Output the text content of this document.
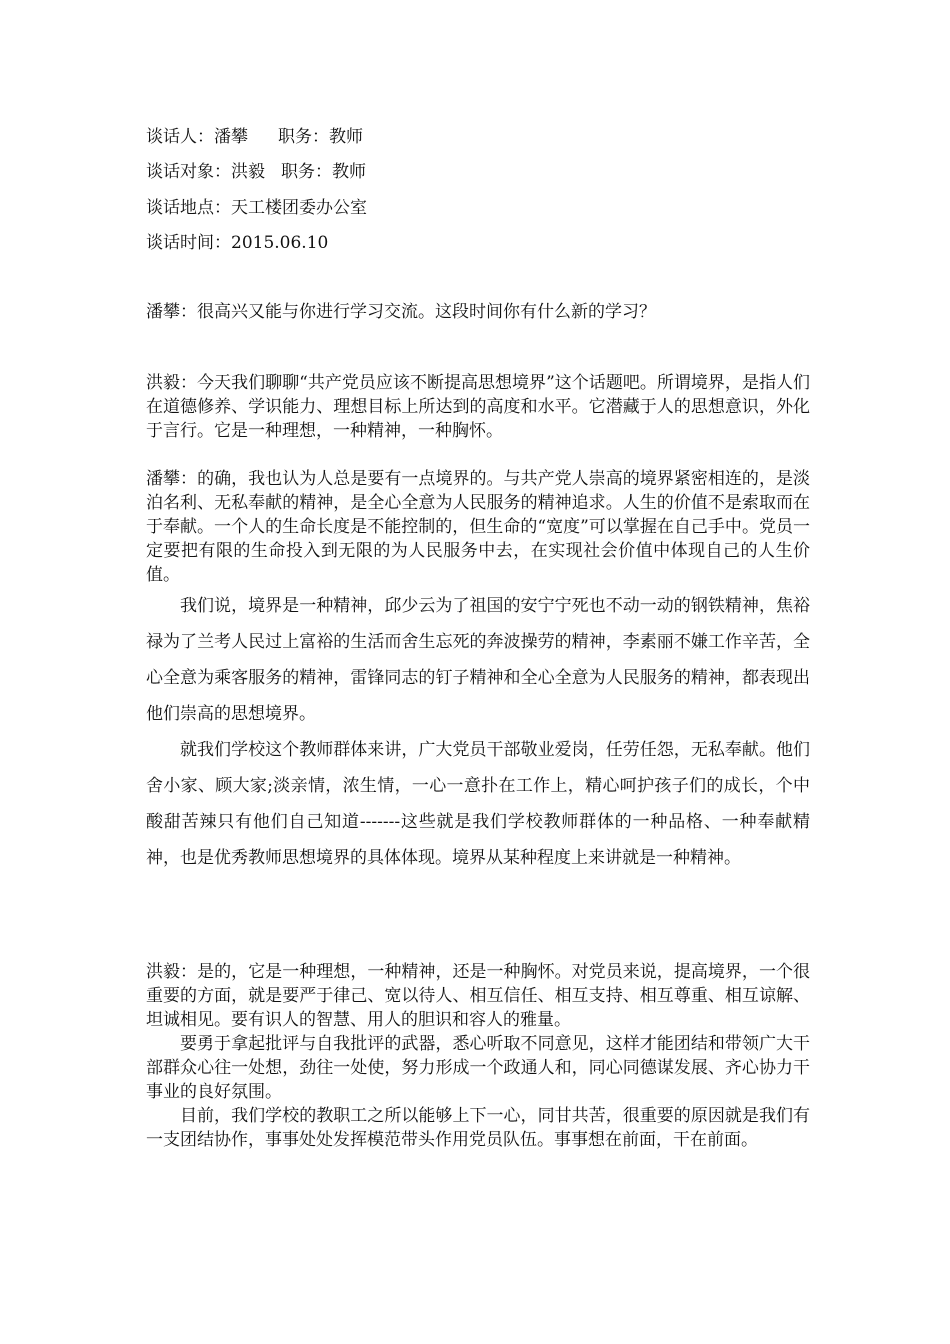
谈话人：潘攀 职务：教师
谈话对象：洪毅 职务：教师
谈话地点：天工楼团委办公室
谈话时间：2015.06.10

潘攀：很高兴又能与你进行学习交流。这段时间你有什么新的学习？

洪毅：今天我们聊聊“共产党员应该不断提高思想境界”这个话题吧。所谓境界，是指人们在道德修养、学识能力、理想目标上所达到的高度和水平。它潜藏于人的思想意识，外化于言行。它是一种理想，一种精神，一种胸怀。

潘攀：的确，我也认为人总是要有一点境界的。与共产党人崇高的境界紧密相连的，是淡泊名利、无私奉献的精神，是全心全意为人民服务的精神追求。人生的价值不是索取而在于奉献。一个人的生命长度是不能控制的，但生命的“宽度”可以掌握在自己手中。党员一定要把有限的生命投入到无限的为人民服务中去，在实现社会价值中体现自己的人生价值。

我们说，境界是一种精神，邱少云为了祖国的安宁宁死也不动一动的钢铁精神，焦裕禄为了兰考人民过上富裕的生活而舍生忘死的奔波操劳的精神，李素丽不嫌工作辛苦，全心全意为乘客服务的精神，雷锋同志的钉子精神和全心全意为人民服务的精神，都表现出他们崇高的思想境界。

就我们学校这个教师群体来讲，广大党员干部敬业爱岗，任劳任怨，无私奉献。他们舍小家、顾大家;淡亲情，浓生情，一心一意扑在工作上，精心呵护孩子们的成长，个中酸甜苦辣只有他们自己知道-------这些就是我们学校教师群体的一种品格、一种奉献精神，也是优秀教师思想境界的具体体现。境界从某种程度上来讲就是一种精神。

洪毅：是的，它是一种理想，一种精神，还是一种胸怀。对党员来说，提高境界，一个很重要的方面，就是要严于律己、宽以待人、相互信任、相互支持、相互尊重、相互谅解、坦诚相见。要有识人的智慧、用人的胆识和容人的雅量。

要勇于拿起批评与自我批评的武器，悉心听取不同意见，这样才能团结和带领广大干部群众心往一处想，劲往一处使，努力形成一个政通人和，同心同德谋发展、齐心协力干事业的良好氛围。

目前，我们学校的教职工之所以能够上下一心，同甘共苦，很重要的原因就是我们有一支团结协作，事事处处发挥模范带头作用党员队伍。事事想在前面，干在前面。
